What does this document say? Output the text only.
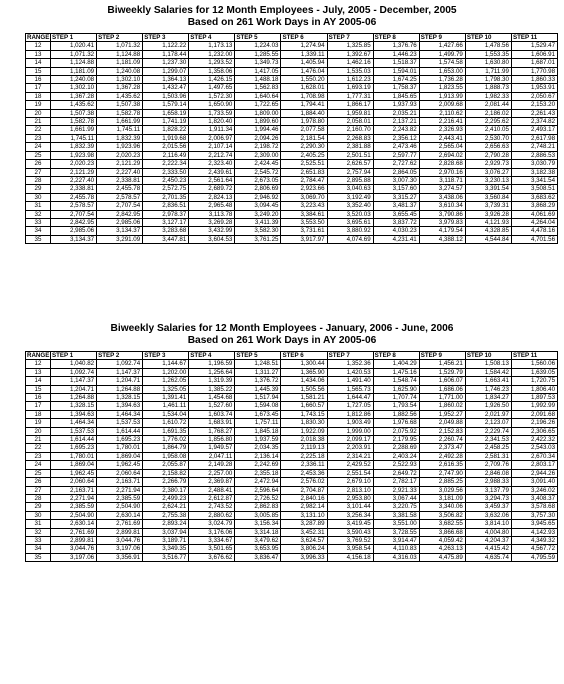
Biweekly Salaries for 12 Month Employees - July, 2005 - December, 2005
Based on 261 Work Days in AY 2005-06
RANGE	STEP 1	STEP 2	STEP 3	STEP 4	STEP 5	STEP 6	STEP 7	STEP 8	STEP 9	STEP 10	STEP 11
12	1,020.41	1,071.32	1,122.22	1,173.13	1,224.03	1,274.94	1,325.85	1,376.76	1,427.66	1,478.56	1,529.47
13	1,071.32	1,124.88	1,178.44	1,232.00	1,285.55	1,339.11	1,392.67	1,446.23	1,499.79	1,553.35	1,606.91
14	1,124.88	1,181.09	1,237.30	1,293.52	1,349.73	1,405.94	1,462.16	1,518.37	1,574.58	1,630.80	1,687.01
15	1,181.09	1,240.08	1,299.07	1,358.06	1,417.05	1,476.04	1,535.03	1,594.01	1,653.00	1,711.99	1,770.98
16	1,240.08	1,302.10	1,364.13	1,426.15	1,488.18	1,550.20	1,612.23	1,674.25	1,736.28	1,798.30	1,860.33
17	1,302.10	1,367.28	1,432.47	1,497.65	1,562.83	1,628.01	1,693.19	1,758.37	1,823.55	1,888.73	1,953.91
18	1,367.28	1,435.62	1,503.96	1,572.30	1,640.64	1,708.98	1,777.31	1,845.65	1,913.99	1,982.33	2,050.67
19	1,435.62	1,507.38	1,579.14	1,650.90	1,722.65	1,794.41	1,866.17	1,937.93	2,009.68	2,081.44	2,153.20
20	1,507.38	1,582.78	1,658.19	1,733.59	1,809.00	1,884.40	1,959.81	2,035.21	2,110.62	2,186.02	2,261.43
21	1,582.78	1,661.99	1,741.19	1,820.40	1,899.60	1,978.80	2,058.01	2,137.21	2,216.41	2,295.62	2,374.82
22	1,661.99	1,745.11	1,828.22	1,911.34	1,994.46	2,077.58	2,160.70	2,243.82	2,326.93	2,410.05	2,493.17
23	1,745.11	1,832.39	1,919.68	2,006.97	2,094.26	2,181.54	2,268.83	2,356.12	2,443.41	2,530.70	2,617.98
24	1,832.39	1,923.96	2,015.56	2,107.14	2,198.72	2,290.30	2,381.88	2,473.46	2,565.04	2,656.63	2,748.21
25	1,923.98	2,020.23	2,116.49	2,212.74	2,309.00	2,405.25	2,501.51	2,597.77	2,694.02	2,790.28	2,886.53
26	2,020.23	2,121.29	2,222.34	2,323.40	2,424.45	2,525.51	2,626.57	2,727.62	2,828.68	2,929.73	3,030.79
27	2,121.29	2,227.40	2,333.50	2,439.61	2,545.72	2,651.83	2,757.94	2,864.05	2,970.16	3,076.27	3,182.38
28	2,227.40	2,338.81	2,450.23	2,561.64	2,673.05	2,784.47	2,895.88	3,007.30	3,118.71	3,230.13	3,341.54
29	2,338.81	2,455.78	2,572.75	2,689.72	2,806.69	2,923.66	3,040.63	3,157.60	3,274.57	3,391.54	3,508.51
30	2,455.78	2,578.57	2,701.35	2,824.13	2,946.92	3,069.70	3,192.49	3,315.27	3,438.06	3,560.84	3,683.62
31	2,578.57	2,707.54	2,836.51	2,965.48	3,094.45	3,223.43	3,352.40	3,481.37	3,610.34	3,739.31	3,868.29
32	2,707.54	2,842.95	2,978.37	3,113.78	3,249.20	3,384.61	3,520.03	3,655.45	3,790.86	3,926.28	4,061.69
33	2,842.95	2,985.06	3,127.17	3,269.28	3,411.39	3,553.50	3,695.61	3,837.72	3,979.83	4,121.93	4,264.04
34	2,985.06	3,134.37	3,283.68	3,432.99	3,582.30	3,731.61	3,880.92	4,030.23	4,179.54	4,328.85	4,478.16
35	3,134.37	3,291.09	3,447.81	3,604.53	3,761.25	3,917.97	4,074.69	4,231.41	4,388.12	4,544.84	4,701.56
Biweekly Salaries for 12 Month Employees - January, 2006 - June, 2006
Based on 261 Work Days in AY 2005-06
RANGE	STEP 1	STEP 2	STEP 3	STEP 4	STEP 5	STEP 6	STEP 7	STEP 8	STEP 9	STEP 10	STEP 11
12	1,040.82	1,092.74	1,144.67	1,196.59	1,248.51	1,300.44	1,352.36	1,404.29	1,456.21	1,508.13	1,560.06
13	1,092.74	1,147.37	1,202.00	1,256.64	1,311.27	1,365.90	1,420.53	1,475.16	1,529.79	1,584.42	1,639.05
14	1,147.37	1,204.71	1,262.05	1,319.39	1,376.72	1,434.06	1,491.40	1,548.74	1,606.07	1,663.41	1,720.75
15	1,204.71	1,264.88	1,325.05	1,385.22	1,445.39	1,505.56	1,565.73	1,625.90	1,686.06	1,746.23	1,806.40
16	1,264.88	1,328.15	1,391.41	1,454.68	1,517.94	1,581.21	1,644.47	1,707.74	1,771.00	1,834.27	1,897.53
17	1,328.15	1,394.63	1,461.11	1,527.60	1,594.08	1,660.57	1,727.05	1,793.54	1,860.02	1,926.50	1,992.99
18	1,394.63	1,464.34	1,534.04	1,603.74	1,673.45	1,743.15	1,812.86	1,882.56	1,952.27	2,021.97	2,091.68
19	1,464.34	1,537.53	1,610.72	1,683.91	1,757.11	1,830.30	1,903.49	1,976.68	2,049.88	2,123.07	2,196.26
20	1,537.53	1,614.44	1,691.35	1,768.27	1,845.18	1,922.09	1,999.00	2,075.92	2,152.83	2,229.74	2,306.65
21	1,614.44	1,695.23	1,776.02	1,856.80	1,937.59	2,018.38	2,099.17	2,179.95	2,260.74	2,341.53	2,422.32
22	1,695.23	1,780.01	1,864.79	1,949.57	2,034.35	2,119.13	2,203.91	2,288.69	2,373.47	2,458.25	2,543.03
23	1,780.01	1,869.04	1,958.08	2,047.11	2,136.14	2,225.18	2,314.21	2,403.24	2,492.28	2,581.31	2,670.34
24	1,869.04	1,962.45	2,055.87	2,149.28	2,242.69	2,336.11	2,429.52	2,522.93	2,616.35	2,709.76	2,803.17
25	1,962.45	2,060.64	2,158.82	2,257.00	2,355.18	2,453.36	2,551.54	2,649.72	2,747.90	2,846.08	2,944.26
26	2,060.64	2,163.71	2,266.79	2,369.87	2,472.94	2,576.02	2,679.10	2,782.17	2,885.25	2,988.33	3,091.40
27	2,163.71	2,271.94	2,380.17	2,488.41	2,596.64	2,704.87	2,813.10	2,921.33	3,029.56	3,137.79	3,246.02
28	2,271.94	2,385.59	2,499.23	2,612.87	2,726.52	2,840.16	2,953.80	3,067.44	3,181.09	3,294.73	3,408.37
29	2,385.59	2,504.90	2,624.21	2,743.52	2,862.83	2,982.14	3,101.44	3,220.75	3,340.06	3,459.37	3,578.68
30	2,504.90	2,630.14	2,755.38	2,880.62	3,005.85	3,131.10	3,256.34	3,381.58	3,506.82	3,632.06	3,757.30
31	2,630.14	2,761.69	2,893.24	3,024.79	3,156.34	3,287.89	3,419.45	3,551.00	3,682.55	3,814.10	3,945.65
32	2,761.69	2,899.81	3,037.94	3,176.06	3,314.18	3,452.31	3,590.43	3,728.55	3,866.68	4,004.80	4,142.93
33	2,899.81	3,044.76	3,189.71	3,334.67	3,479.62	3,624.57	3,769.52	3,914.47	4,059.42	4,204.37	4,349.32
34	3,044.76	3,197.06	3,349.35	3,501.65	3,653.95	3,806.24	3,958.54	4,110.83	4,263.13	4,415.42	4,567.72
35	3,197.06	3,356.91	3,516.77	3,676.62	3,836.47	3,996.33	4,156.18	4,316.03	4,475.89	4,635.74	4,795.59
